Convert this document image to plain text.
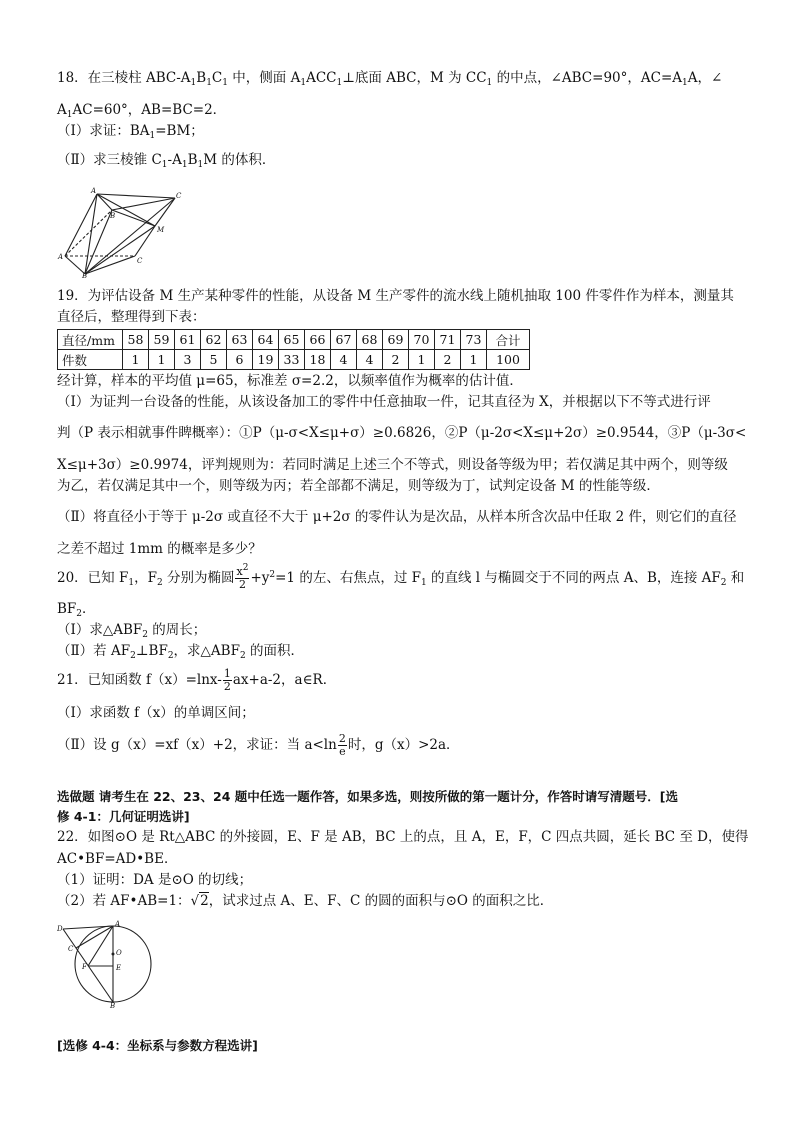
18．在三棱柱 ABC-$A_1B_1C_1$ 中，侧面 $A_1ACC_1\perp$底面 ABC，M 为 $CC_1$ 的中点，∠ABC=90°，$AC=A_1A$，∠
$A_1AC=60^\circ$，AB=BC=2．
（Ⅰ）求证：$BA_1=BM$；
（Ⅱ）求三棱锥 $C_1-A_1B_1M$ 的体积．
A
B
C
A
B
C
M
19．为评估设备 M 生产某种零件的性能，从设备 M 生产零件的流水线上随机抽取 100 件零件作为样本，测量其
直径后，整理得到下表：
直径/mm	58	59	61	62	63	64	65	66	67	68	69	70	71	73	合计
件数	1	1	3	5	6	19	33	18	4	4	2	1	2	1	100
经计算，样本的平均值 μ=65，标准差 σ=2.2，以频率值作为概率的估计值．
（Ⅰ）为证判一台设备的性能，从该设备加工的零件中任意抽取一件，记其直径为 X，并根据以下不等式进行评
判（P 表示相就事件睥概率）：①P（μ-σ<X≤μ+σ）≥0.6826，②P（μ-2σ<X≤μ+2σ）≥0.9544，③P（μ-3σ<
X≤μ+3σ）≥0.9974，评判规则为：若同时满足上述三个不等式，则设备等级为甲；若仅满足其中两个，则等级
为乙，若仅满足其中一个，则等级为丙；若全部都不满足，则等级为丁，试判定设备 M 的性能等级．
（Ⅱ）将直径小于等于 μ-2σ 或直径不大于 μ+2σ 的零件认为是次品，从样本所含次品中任取 2 件，则它们的直径
之差不超过 1mm 的概率是多少？
20．已知 $F_1$，$F_2$ 分别为椭圆 $\frac{x^2}{2} +y^2=1$ 的左、右焦点，过 $F_1$ 的直线 l 与椭圆交于不同的两点 A、B，连接 $AF_2$ 和
$BF_2$．
（Ⅰ）求$\triangle ABF_2$ 的周长；
（Ⅱ）若 $AF_2\perp BF_2$，求$\triangle ABF_2$ 的面积．
21．已知函数 $f(x)=\ln x- \frac{1}{2} ax+a-2$，a∈R．
（Ⅰ）求函数 f（x）的单调区间；
（Ⅱ）设 g（x）=xf（x）+2，求证：当 $a<\ln \frac{2}{e}$ 时，g（x）>2a．
选做题 请考生在 22、23、24 题中任选一题作答，如果多选，则按所做的第一题计分，作答时请写清题号．[选
修 4-1：几何证明选讲]
22．如图⊙O 是 Rt△ABC 的外接圆，E、F 是 AB，BC 上的点，且 A，E，F，C 四点共圆，延长 BC 至 D，使得
AC•BF=AD•BE．
（1）证明：DA 是⊙O 的切线；
（2）若 AF•AB=1：√2，试求过点 A、E、F、C 的圆的面积与⊙O 的面积之比．
D
A
C	O
F	E
B
[选修 4-4：坐标系与参数方程选讲]
